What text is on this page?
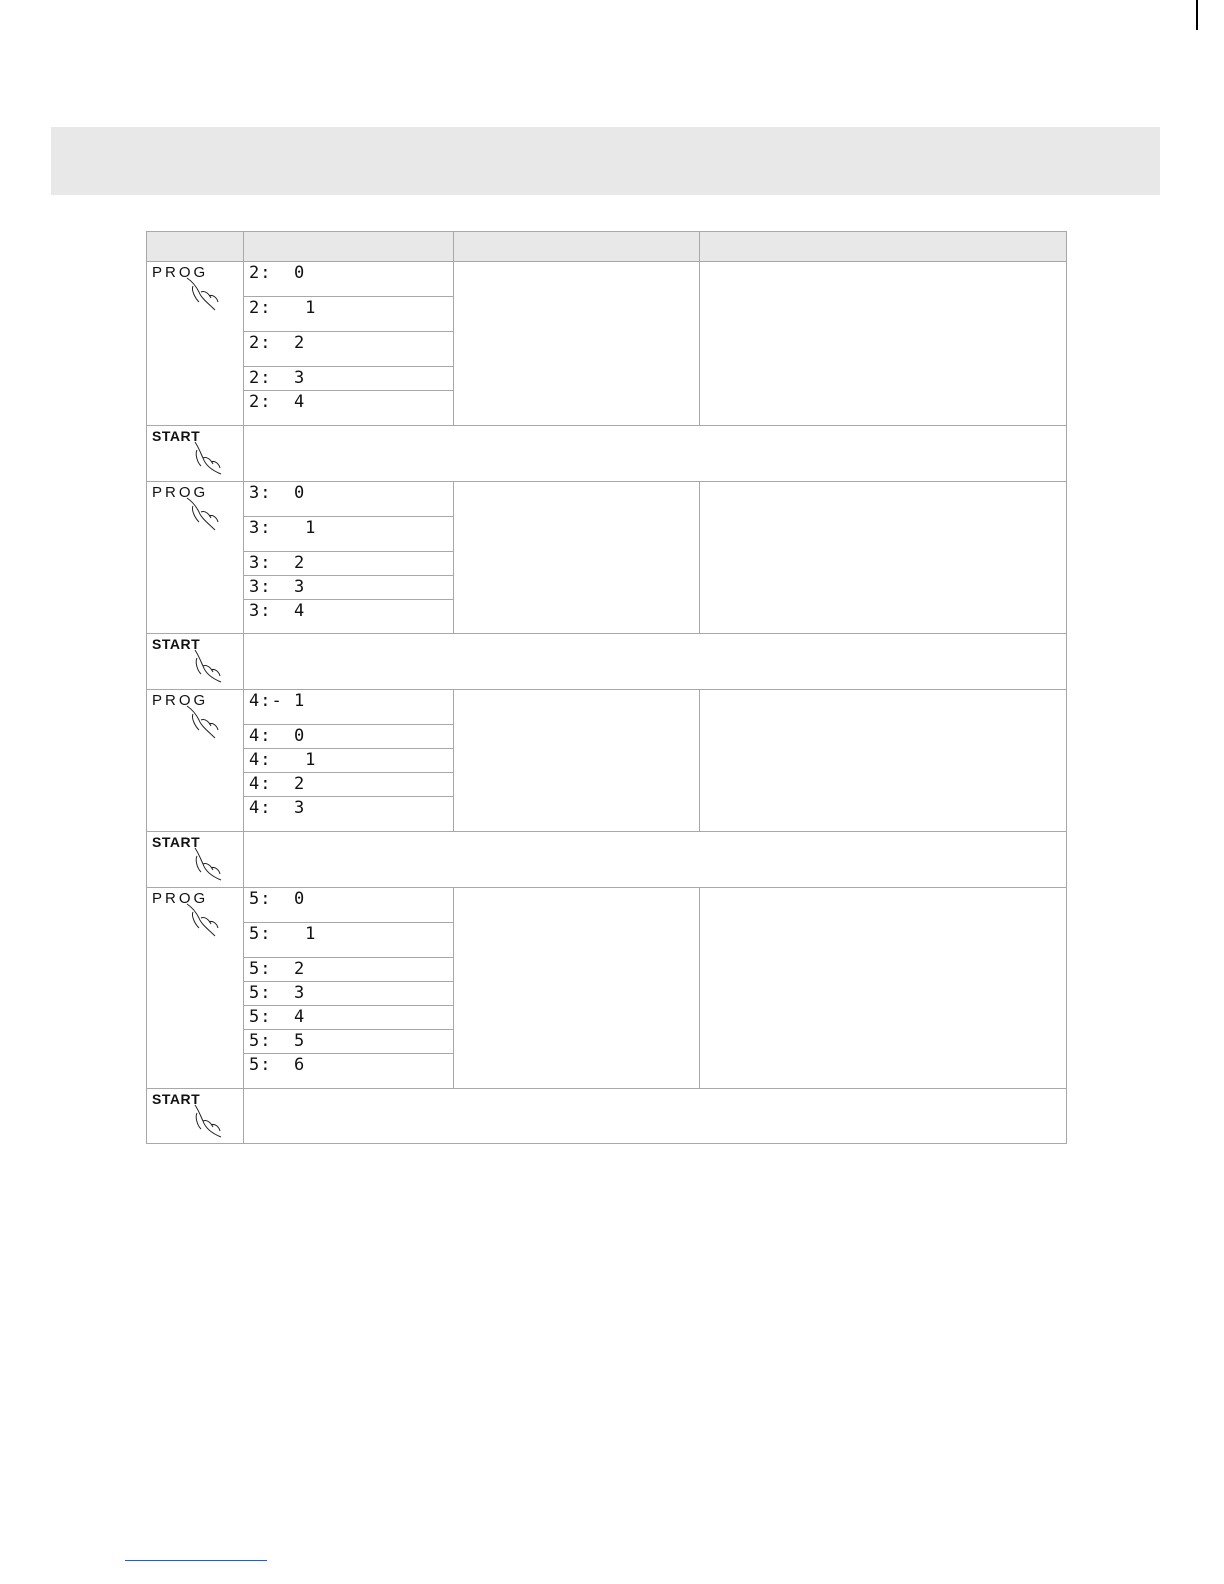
PROG	2:  0		

	2:   1		

	2:  2		

	2:  3		

	2:  4		

START			

PROG	3:  0		

	3:   1		

	3:  2		

	3:  3		

	3:  4		

START			

PROG	4:- 1		

	4:  0		

	4:   1		

	4:  2		

	4:  3		

START			

PROG	5:  0		

	5:   1		

	5:  2		

	5:  3		

	5:  4		

	5:  5		

	5:  6		

START			
